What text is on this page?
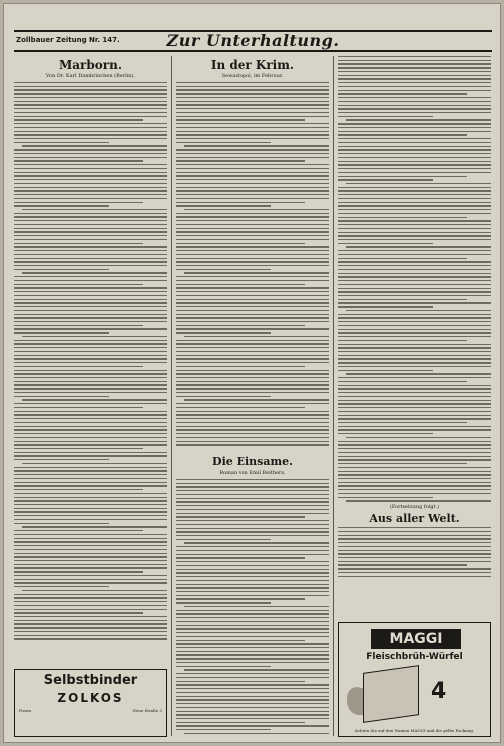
Zollbauer Zeitung Nr. 147.	Zur Unterhaltung.
Marborn.
Von Dr. Karl Dambrinchen (Berlin).
In der Krim.
Sewastopol, im Februar.
Die Einsame.
Roman von Emil Reithers.
(Fortsetzung folgt.)
Aus aller Welt.
Selbstbinder
ZOLKOS
Posen	Neue Straße 3
MAGGI
Fleischbrüh-Würfel
4
Achten Sie auf den Namen MAGGI und die gelbe Packung.
